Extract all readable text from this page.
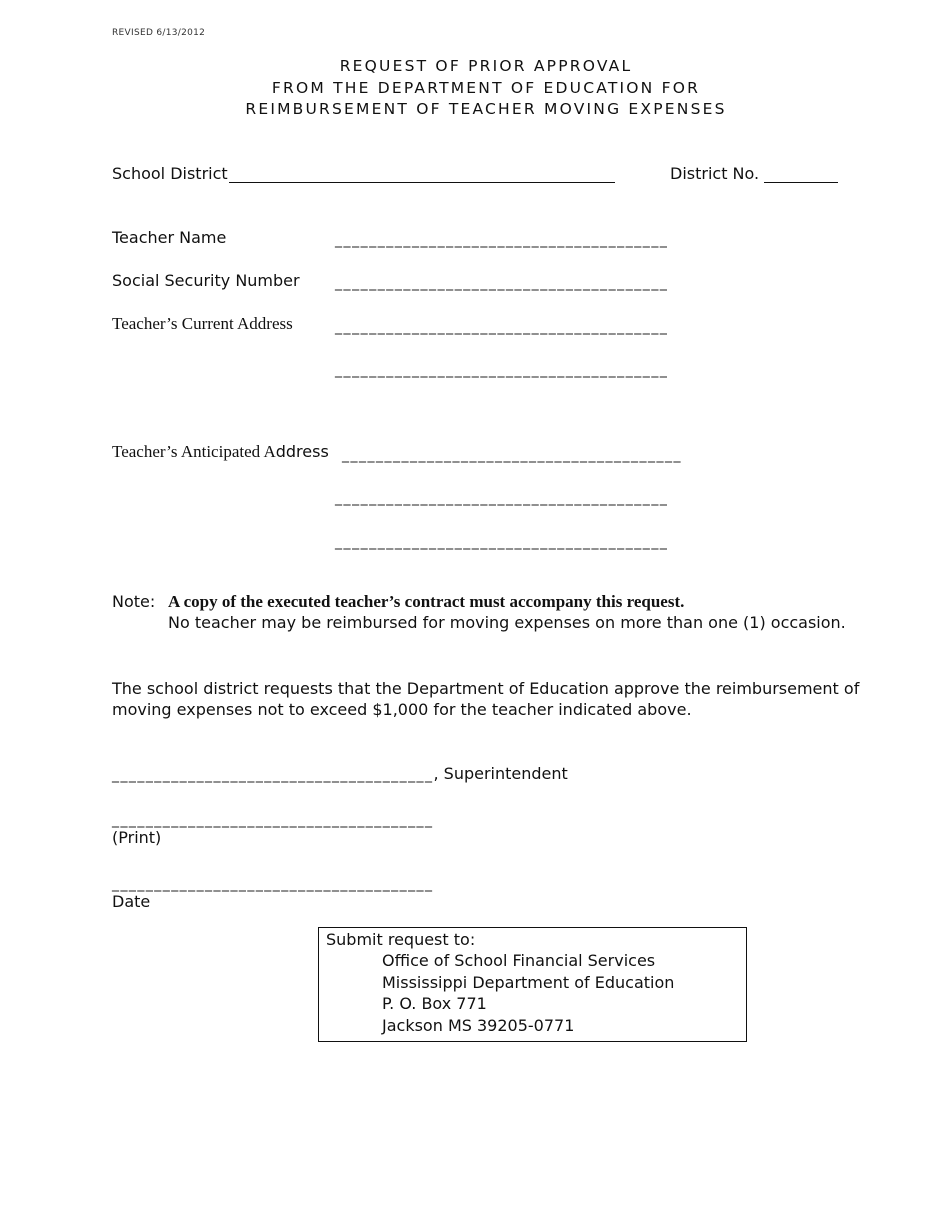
REVISED 6/13/2012
REQUEST OF PRIOR APPROVAL
FROM THE DEPARTMENT OF EDUCATION FOR
REIMBURSEMENT OF TEACHER MOVING EXPENSES
School District	District No.
Teacher Name	_______________________________________
Social Security Number	_______________________________________
Teacher’s Current Address	_______________________________________
_______________________________________
Teacher’s Anticipated Address ________________________________________
_______________________________________
_______________________________________
Note: A copy of the executed teacher’s contract must accompany this request.
No teacher may be reimbursed for moving expenses on more than one (1) occasion.
The school district requests that the Department of Education approve the reimbursement of moving expenses not to exceed $1,000 for the teacher indicated above.
______________________________________, Superintendent
______________________________________
(Print)
______________________________________
Date
Submit request to:
Office of School Financial Services
Mississippi Department of Education
P. O. Box 771
Jackson MS 39205-0771
